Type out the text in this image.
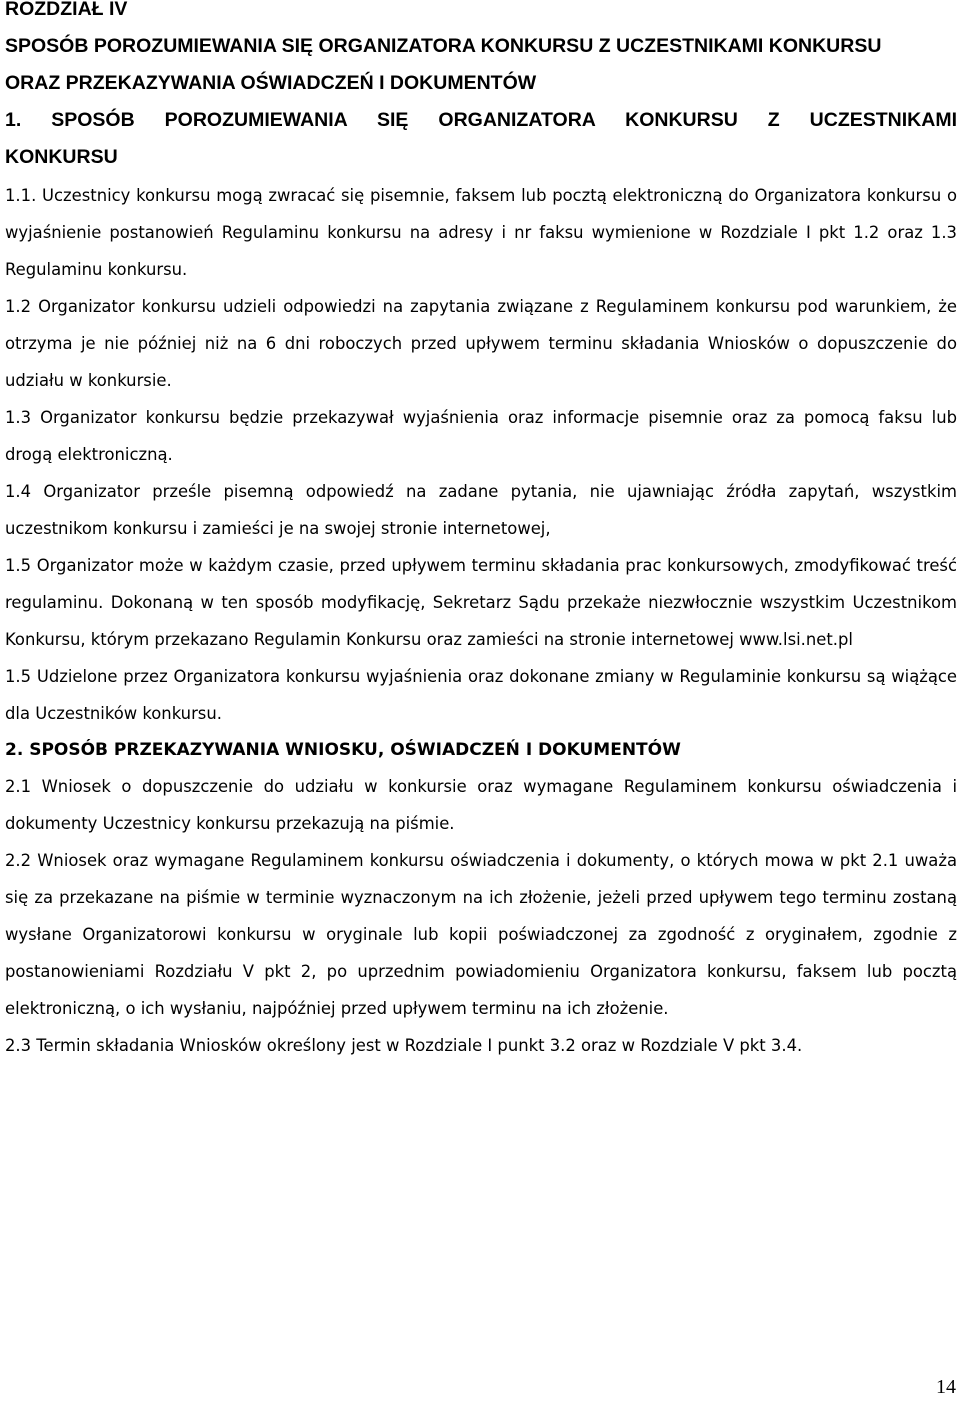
ROZDZIAŁ IV
SPOSÓB POROZUMIEWANIA SIĘ ORGANIZATORA KONKURSU Z UCZESTNIKAMI KONKURSU
ORAZ PRZEKAZYWANIA OŚWIADCZEŃ I DOKUMENTÓW
1. SPOSÓB POROZUMIEWANIA SIĘ ORGANIZATORA KONKURSU Z UCZESTNIKAMI
KONKURSU

1.1. Uczestnicy konkursu mogą zwracać się pisemnie, faksem lub pocztą elektroniczną do Organizatora konkursu o wyjaśnienie postanowień Regulaminu konkursu na adresy i nr faksu wymienione w Rozdziale I pkt 1.2 oraz 1.3 Regulaminu konkursu.

1.2 Organizator konkursu udzieli odpowiedzi na zapytania związane z Regulaminem konkursu pod warunkiem, że otrzyma je nie później niż na 6 dni roboczych przed upływem terminu składania Wniosków o dopuszczenie do udziału w konkursie.

1.3 Organizator konkursu będzie przekazywał wyjaśnienia oraz informacje pisemnie oraz za pomocą faksu lub drogą elektroniczną.

1.4 Organizator prześle pisemną odpowiedź na zadane pytania, nie ujawniając źródła zapytań, wszystkim uczestnikom konkursu i zamieści je na swojej stronie internetowej,

1.5 Organizator może w każdym czasie, przed upływem terminu składania prac konkursowych, zmodyfikować treść regulaminu. Dokonaną w ten sposób modyfikację, Sekretarz Sądu przekaże niezwłocznie wszystkim Uczestnikom Konkursu, którym przekazano Regulamin Konkursu oraz zamieści na stronie internetowej www.lsi.net.pl

1.5 Udzielone przez Organizatora konkursu wyjaśnienia oraz dokonane zmiany w Regulaminie konkursu są wiążące dla Uczestników konkursu.

2. SPOSÓB PRZEKAZYWANIA WNIOSKU, OŚWIADCZEŃ I DOKUMENTÓW

2.1 Wniosek o dopuszczenie do udziału w konkursie oraz wymagane Regulaminem konkursu oświadczenia i dokumenty Uczestnicy konkursu przekazują na piśmie.

2.2 Wniosek oraz wymagane Regulaminem konkursu oświadczenia i dokumenty, o których mowa w pkt 2.1 uważa się za przekazane na piśmie w terminie wyznaczonym na ich złożenie, jeżeli przed upływem tego terminu zostaną wysłane Organizatorowi konkursu w oryginale lub kopii poświadczonej za zgodność z oryginałem, zgodnie z postanowieniami Rozdziału V pkt 2, po uprzednim powiadomieniu Organizatora konkursu, faksem lub pocztą elektroniczną, o ich wysłaniu, najpóźniej przed upływem terminu na ich złożenie.

2.3 Termin składania Wniosków określony jest w Rozdziale I punkt 3.2 oraz w Rozdziale V pkt 3.4.

14
